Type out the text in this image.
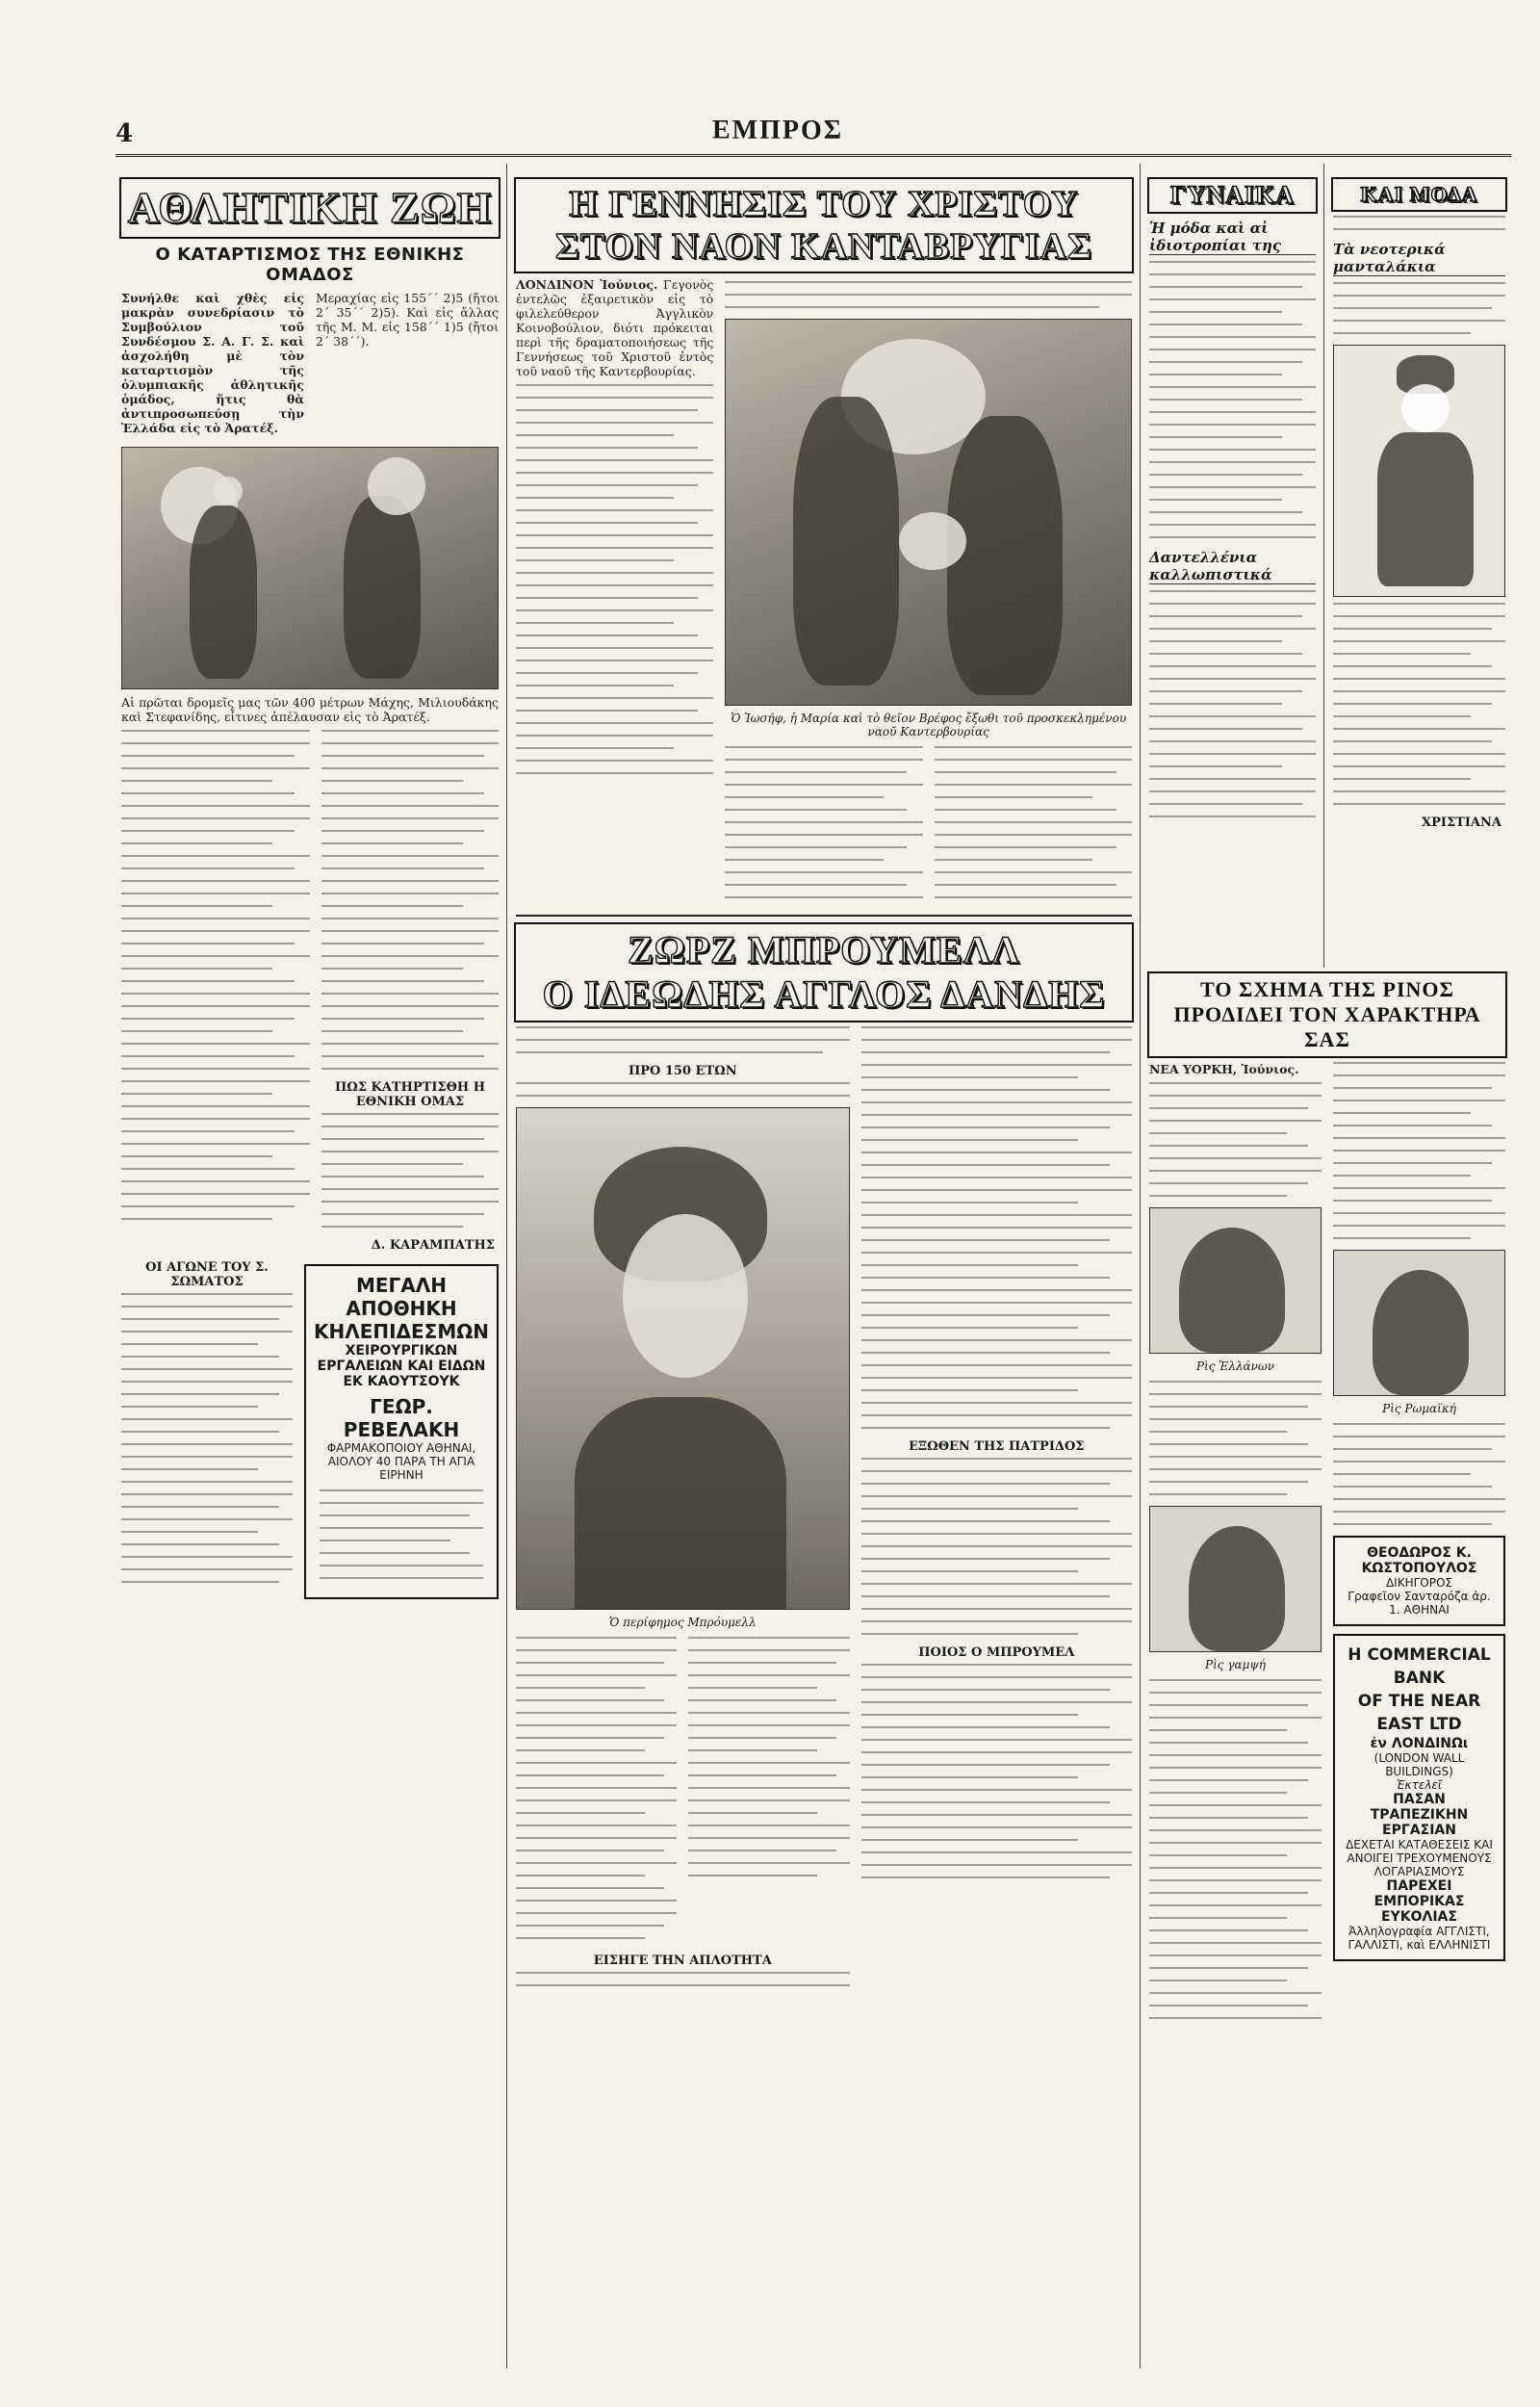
4	ΕΜΠΡΟΣ
ΑΘΛΗΤΙΚΗ ΖΩΗ
Ο ΚΑΤΑΡΤΙΣΜΟΣ ΤΗΣ ΕΘΝΙΚΗΣ ΟΜΑΔΟΣ

Συνήλθε καὶ χθὲς εἰς μακρὰν συνεδρίασιν τὸ Συμβούλιον τοῦ Συνδέσμου Σ. Α. Γ. Σ. καὶ ἀσχολήθη μὲ τὸν καταρτισμὸν τῆς ὀλυμπιακῆς ἀθλητικῆς ὁμάδος, ἥτις θὰ ἀντιπροσωπεύσῃ τὴν Ἑλλάδα εἰς τὸ Ἀρατέξ.

Μεραχίας εἰς 155΄΄ 2)5 (ἤτοι 2΄ 35΄΄ 2)5). Καὶ εἰς ἄλλας τῆς Μ. Μ. εἰς 158΄΄ 1)5 (ἤτοι 2΄ 38΄΄).

Αἱ πρῶται δρομεῖς μας τῶν 400 μέτρων Μάχης, Μιλιουδάκης καὶ Στεφανίδης, εἶτινες ἀπέλαυσαν εἰς τὸ Ἀρατέξ.

ΠΩΣ ΚΑΤΗΡΤΙΣΘΗ Η ΕΘΝΙΚΗ ΟΜΑΣ
Δ. ΚΑΡΑΜΠΑΤΗΣ
ΟΙ ΑΓΩΝΕ ΤΟΥ Σ. ΣΩΜΑΤΟΣ	ΜΕΓΑΛΗ ΑΠΟΘΗΚΗ
ΚΗΛΕΠΙΔΕΣΜΩΝ
ΧΕΙΡΟΥΡΓΙΚΩΝ ΕΡΓΑΛΕΙΩΝ ΚΑΙ ΕΙΔΩΝ ΕΚ ΚΑΟΥΤΣΟΥΚ
ΓΕΩΡ. ΡΕΒΕΛΑΚΗ
ΦΑΡΜΑΚΟΠΟΙΟΥ ΑΘΗΝΑΙ, ΑΙΟΛΟΥ 40 ΠΑΡΑ ΤΗ ΑΓΙΑ ΕΙΡΗΝΗ
Η ΓΕΝΝΗΣΙΣ ΤΟΥ ΧΡΙΣΤΟΥ
ΣΤΟΝ ΝΑΟΝ ΚΑΝΤΑΒΡΥΓΙΑΣ

ΛΟΝΔΙΝΟΝ Ἰούνιος. Γεγονὸς ἐντελῶς ἐξαιρετικὸν εἰς τὸ φιλελεύθερον Ἀγγλικὸν Κοινοβούλιον, διότι πρόκειται περὶ τῆς δραματοποιήσεως τῆς Γεννήσεως τοῦ Χριστοῦ ἐντὸς τοῦ ναοῦ τῆς Καντερβουρίας.

Ὁ Ἰωσήφ, ἡ Μαρία καὶ τὸ θεῖον Βρέφος ἔξωθι τοῦ προσκεκλημένου ναοῦ Καντερβουρίας
ΖΩΡΖ ΜΠΡΟΥΜΕΛΛ
Ο ΙΔΕΩΔΗΣ ΑΓΓΛΟΣ ΔΑΝΔΗΣ
ΠΡΟ 150 ΕΤΩΝ
Ὁ περίφημος Μπρόυμελλ
ΕΙΣΗΓΕ ΤΗΝ ΑΠΛΟΤΗΤΑ
ΕΞΩΘΕΝ ΤΗΣ ΠΑΤΡΙΔΟΣ
ΠΟΙΟΣ Ο ΜΠΡΟΥΜΕΛ
ΓΥΝΑΙΚΑ
Ἡ μόδα καὶ αἱ ἰδιοτροπίαι της
Δαντελλένια καλλωπιστικά
ΚΑΙ ΜΟΔΑ
Τὰ νεοτερικά μανταλάκια
ΧΡΙΣΤΙΑΝΑ
ΤΟ ΣΧΗΜΑ ΤΗΣ ΡΙΝΟΣ
ΠΡΟΔΙΔΕΙ ΤΟΝ ΧΑΡΑΚΤΗΡΑ ΣΑΣ

ΝΕΑ ΥΟΡΚΗ, Ἰούνιος.

Ρὶς Ἑλλάνων
Ρὶς γαμψή
Ρὶς Ρωμαϊκή
ΘΕΟΔΩΡΟΣ Κ. ΚΩΣΤΟΠΟΥΛΟΣ
ΔΙΚΗΓΟΡΟΣ
Γραφεῖον Σανταρόζα ἀρ. 1. ΑΘΗΝΑΙ
Η COMMERCIAL BANK
OF THE NEAR EAST LTD
ἐν ΛΟΝΔΙΝΩι
(LONDON WALL BUILDINGS)
Ἐκτελεῖ
ΠΑΣΑΝ ΤΡΑΠΕΖΙΚΗΝ ΕΡΓΑΣΙΑΝ
ΔΕΧΕΤΑΙ ΚΑΤΑΘΕΣΕΙΣ ΚΑΙ ΑΝΟΙΓΕΙ ΤΡΕΧΟΥΜΕΝΟΥΣ ΛΟΓΑΡΙΑΣΜΟΥΣ
ΠΑΡΕΧΕΙ ΕΜΠΟΡΙΚΑΣ ΕΥΚΟΛΙΑΣ
Ἀλληλογραφία ΑΓΓΛΙΣΤΙ, ΓΑΛΛΙΣΤΙ, καὶ ΕΛΛΗΝΙΣΤΙ
